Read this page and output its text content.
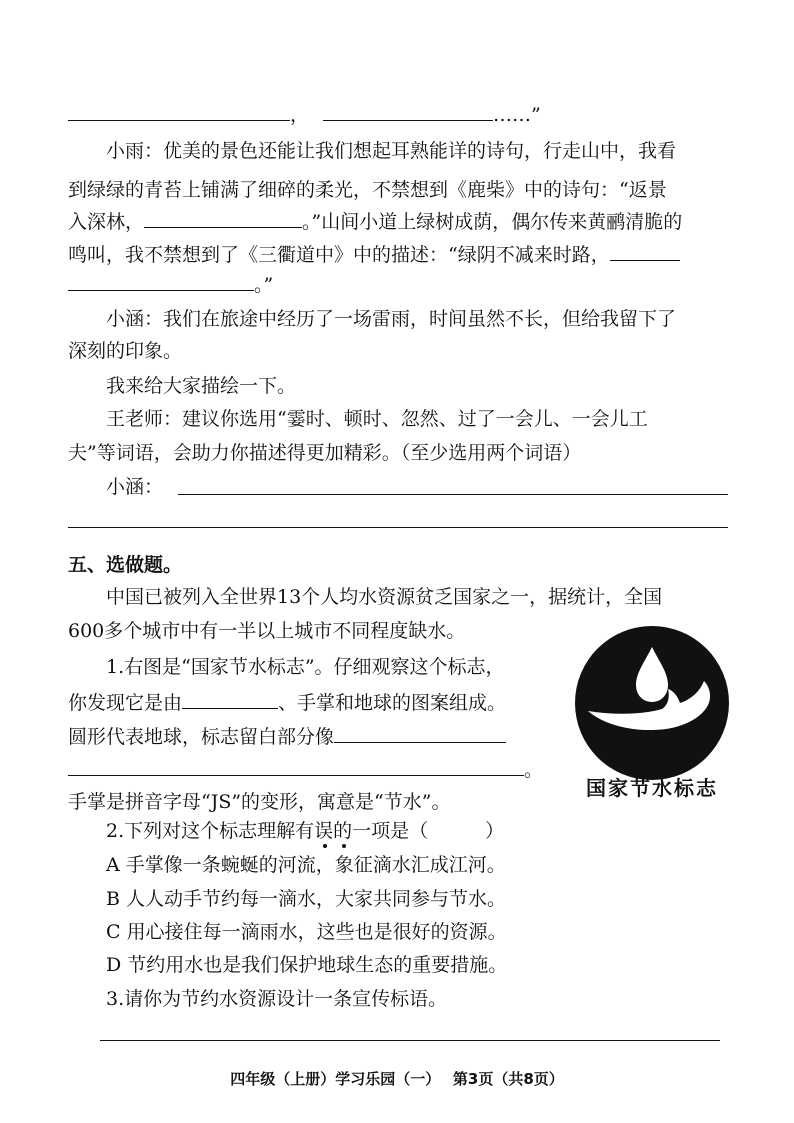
，	……”
小雨：优美的景色还能让我们想起耳熟能详的诗句，行走山中，我看
到绿绿的青苔上铺满了细碎的柔光，不禁想到《鹿柴》中的诗句：“返景
入深林，	。”山间小道上绿树成荫，偶尔传来黄鹂清脆的
鸣叫，我不禁想到了《三衢道中》中的描述：“绿阴不减来时路，
。”
小涵：我们在旅途中经历了一场雷雨，时间虽然不长，但给我留下了
深刻的印象。
我来给大家描绘一下。
王老师：建议你选用“霎时、顿时、忽然、过了一会儿、一会儿工
夫”等词语，会助力你描述得更加精彩。（至少选用两个词语）
小涵：
五、选做题。
中国已被列入全世界13个人均水资源贫乏国家之一，据统计，全国
600多个城市中有一半以上城市不同程度缺水。
1.右图是“国家节水标志”。仔细观察这个标志，
你发现它是由	、手掌和地球的图案组成。
圆形代表地球，标志留白部分像
。
手掌是拼音字母“JS”的变形，寓意是“节水”。
2.下列对这个标志理解有误的一项是（　　　）
A 手掌像一条蜿蜒的河流，象征滴水汇成江河。
B 人人动手节约每一滴水，大家共同参与节水。
C 用心接住每一滴雨水，这些也是很好的资源。
D 节约用水也是我们保护地球生态的重要措施。
3.请你为节约水资源设计一条宣传标语。
国家节水标志
四年级（上册）学习乐园（一）　 第3页（共8页）
